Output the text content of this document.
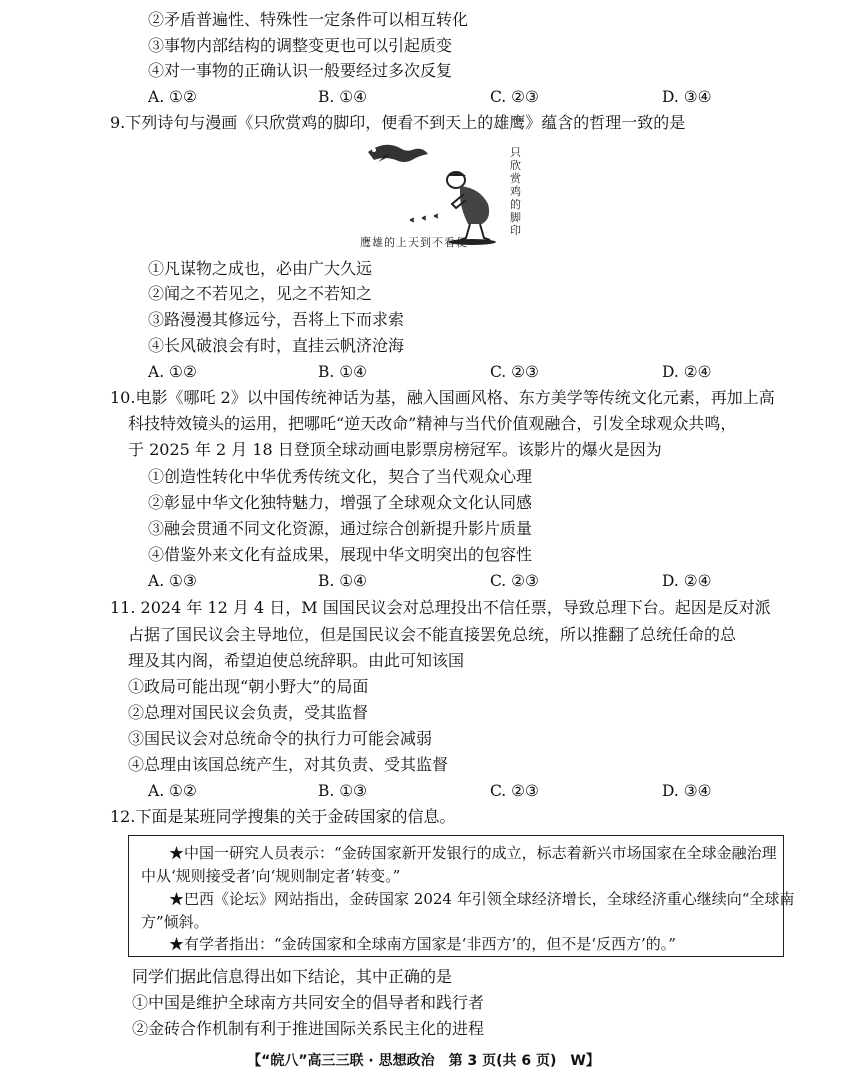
②矛盾普遍性、特殊性一定条件可以相互转化
③事物内部结构的调整变更也可以引起质变
④对一事物的正确认识一般要经过多次反复
A. ①②	B. ①④	C. ②③	D. ③④
9.下列诗句与漫画《只欣赏鸡的脚印，便看不到天上的雄鹰》蕴含的哲理一致的是
只欣赏鸡的脚印
鹰雄的上天到不看便
①凡谋物之成也，必由广大久远
②闻之不若见之，见之不若知之
③路漫漫其修远兮，吾将上下而求索
④长风破浪会有时，直挂云帆济沧海
A. ①②	B. ①④	C. ②③	D. ②④
10.电影《哪吒 2》以中国传统神话为基，融入国画风格、东方美学等传统文化元素，再加上高
科技特效镜头的运用，把哪吒“逆天改命”精神与当代价值观融合，引发全球观众共鸣，
于 2025 年 2 月 18 日登顶全球动画电影票房榜冠军。该影片的爆火是因为
①创造性转化中华优秀传统文化，契合了当代观众心理
②彰显中华文化独特魅力，增强了全球观众文化认同感
③融会贯通不同文化资源，通过综合创新提升影片质量
④借鉴外来文化有益成果，展现中华文明突出的包容性
A. ①③	B. ①④	C. ②③	D. ②④
11. 2024 年 12 月 4 日，M 国国民议会对总理投出不信任票，导致总理下台。起因是反对派
占据了国民议会主导地位，但是国民议会不能直接罢免总统，所以推翻了总统任命的总
理及其内阁，希望迫使总统辞职。由此可知该国
①政局可能出现“朝小野大”的局面
②总理对国民议会负责，受其监督
③国民议会对总统命令的执行力可能会减弱
④总理由该国总统产生，对其负责、受其监督
A. ①②	B. ①③	C. ②③	D. ③④
12.下面是某班同学搜集的关于金砖国家的信息。
★中国一研究人员表示：“金砖国家新开发银行的成立，标志着新兴市场国家在全球金融治理
中从‘规则接受者’向‘规则制定者’转变。”
★巴西《论坛》网站指出，金砖国家 2024 年引领全球经济增长，全球经济重心继续向“全球南
方”倾斜。
★有学者指出：“金砖国家和全球南方国家是‘非西方’的，但不是‘反西方’的。”
同学们据此信息得出如下结论，其中正确的是
①中国是维护全球南方共同安全的倡导者和践行者
②金砖合作机制有利于推进国际关系民主化的进程
【“皖八”高三三联 · 思想政治　第 3 页(共 6 页)　W】
